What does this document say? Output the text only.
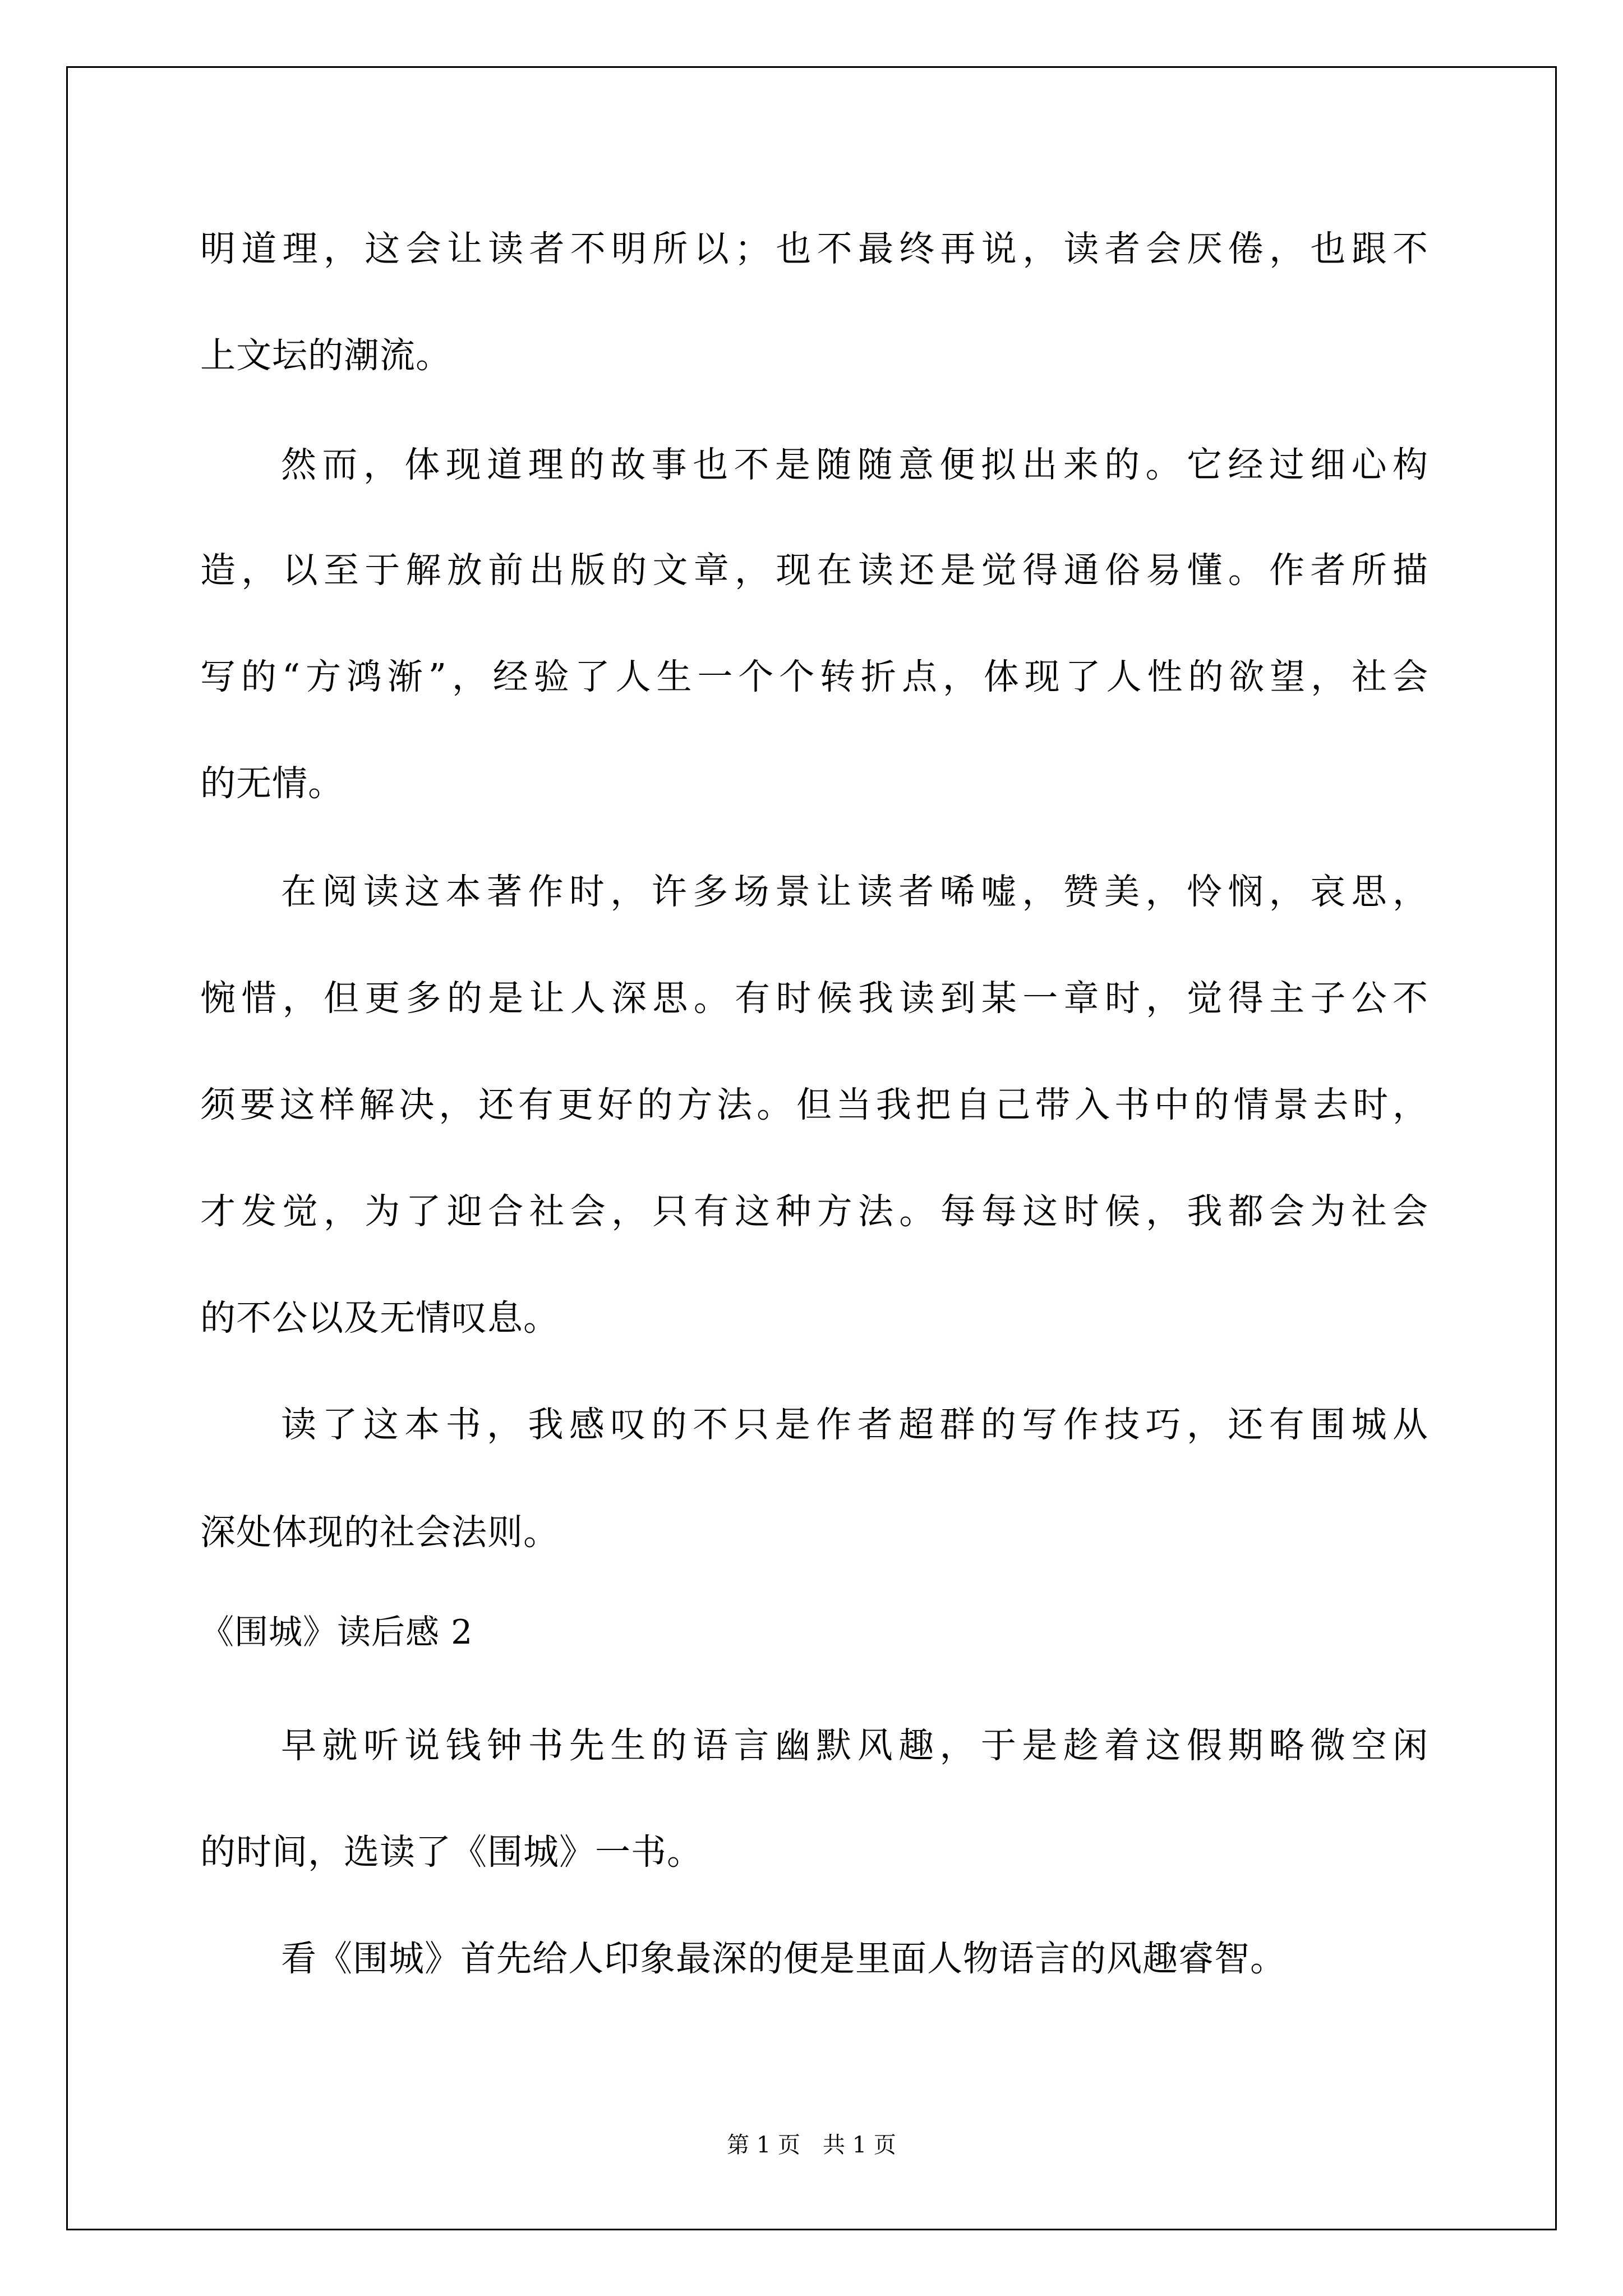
明道理，这会让读者不明所以；也不最终再说，读者会厌倦，也跟不
上文坛的潮流。
然而，体现道理的故事也不是随随意便拟出来的。它经过细心构
造，以至于解放前出版的文章，现在读还是觉得通俗易懂。作者所描
写的“方鸿渐”，经验了人生一个个转折点，体现了人性的欲望，社会
的无情。
在阅读这本著作时，许多场景让读者唏嘘，赞美，怜悯，哀思，
惋惜，但更多的是让人深思。有时候我读到某一章时，觉得主子公不
须要这样解决，还有更好的方法。但当我把自己带入书中的情景去时，
才发觉，为了迎合社会，只有这种方法。每每这时候，我都会为社会
的不公以及无情叹息。
读了这本书，我感叹的不只是作者超群的写作技巧，还有围城从
深处体现的社会法则。
《围城》读后感 2
早就听说钱钟书先生的语言幽默风趣，于是趁着这假期略微空闲
的时间，选读了《围城》一书。
看《围城》首先给人印象最深的便是里面人物语言的风趣睿智。
第 1 页　共 1 页
